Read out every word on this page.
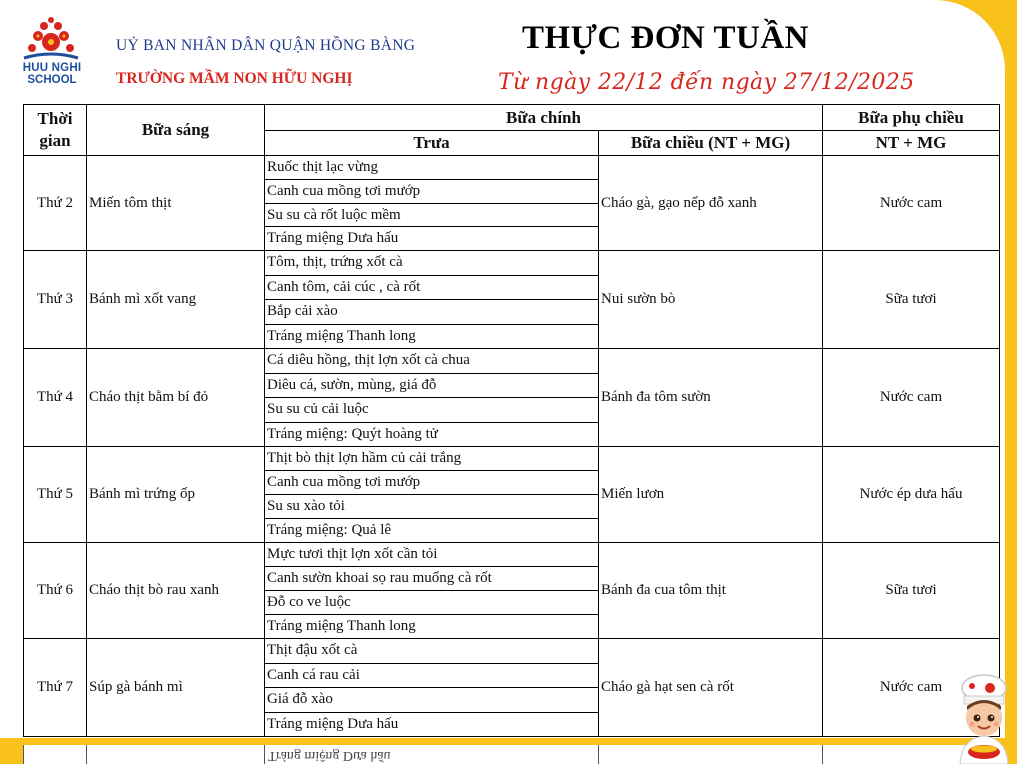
HUU NGHI
SCHOOL
UỶ BAN NHÂN DÂN QUẬN HỒNG BÀNG
TRƯỜNG MẦM NON HỮU NGHỊ
THỰC ĐƠN TUẦN
Từ ngày 22/12 đến ngày 27/12/2025
Thời
gian	Bữa sáng	Bữa chính		Bữa phụ chiều
		Trưa	Bữa chiều (NT + MG)	NT + MG
Thứ 2	Miến tôm thịt	Ruốc thịt lạc vừng
Canh cua mồng tơi mướp
Su su cà rốt luộc mềm
Tráng miệng Dưa hấu	Cháo gà, gạo nếp đỗ xanh	Nước cam
Thứ 3	Bánh mì xốt vang	Tôm, thịt, trứng xốt cà
Canh tôm, cải cúc , cà rốt
Bắp cải xào
Tráng miệng Thanh long	Nui sườn bò	Sữa tươi
Thứ 4	Cháo thịt bằm bí đỏ	Cá diêu hồng, thịt lợn xốt cà chua
Diêu cá, sườn, mùng, giá đỗ
Su su củ cải luộc
Tráng miệng: Quýt hoàng tử	Bánh đa tôm sườn	Nước cam
Thứ 5	Bánh mì trứng ốp	Thịt bò thịt lợn hầm củ cải trắng
Canh cua mồng tơi mướp
Su su xào tỏi
Tráng miệng: Quả lê	Miến lươn	Nước ép dưa hấu
Thứ 6	Cháo thịt bò rau xanh	Mực tươi thịt lợn xốt cần tỏi
Canh sườn khoai sọ rau muống cà rốt
Đỗ co ve luộc
Tráng miệng Thanh long	Bánh đa cua tôm thịt	Sữa tươi
Thứ 7	Súp gà bánh mì	Thịt đậu xốt cà
Canh cá rau cải
Giá đỗ xào
Tráng miệng Dưa hấu	Cháo gà hạt sen cà rốt	Nước cam
Tráng miệng Dưa hấu
